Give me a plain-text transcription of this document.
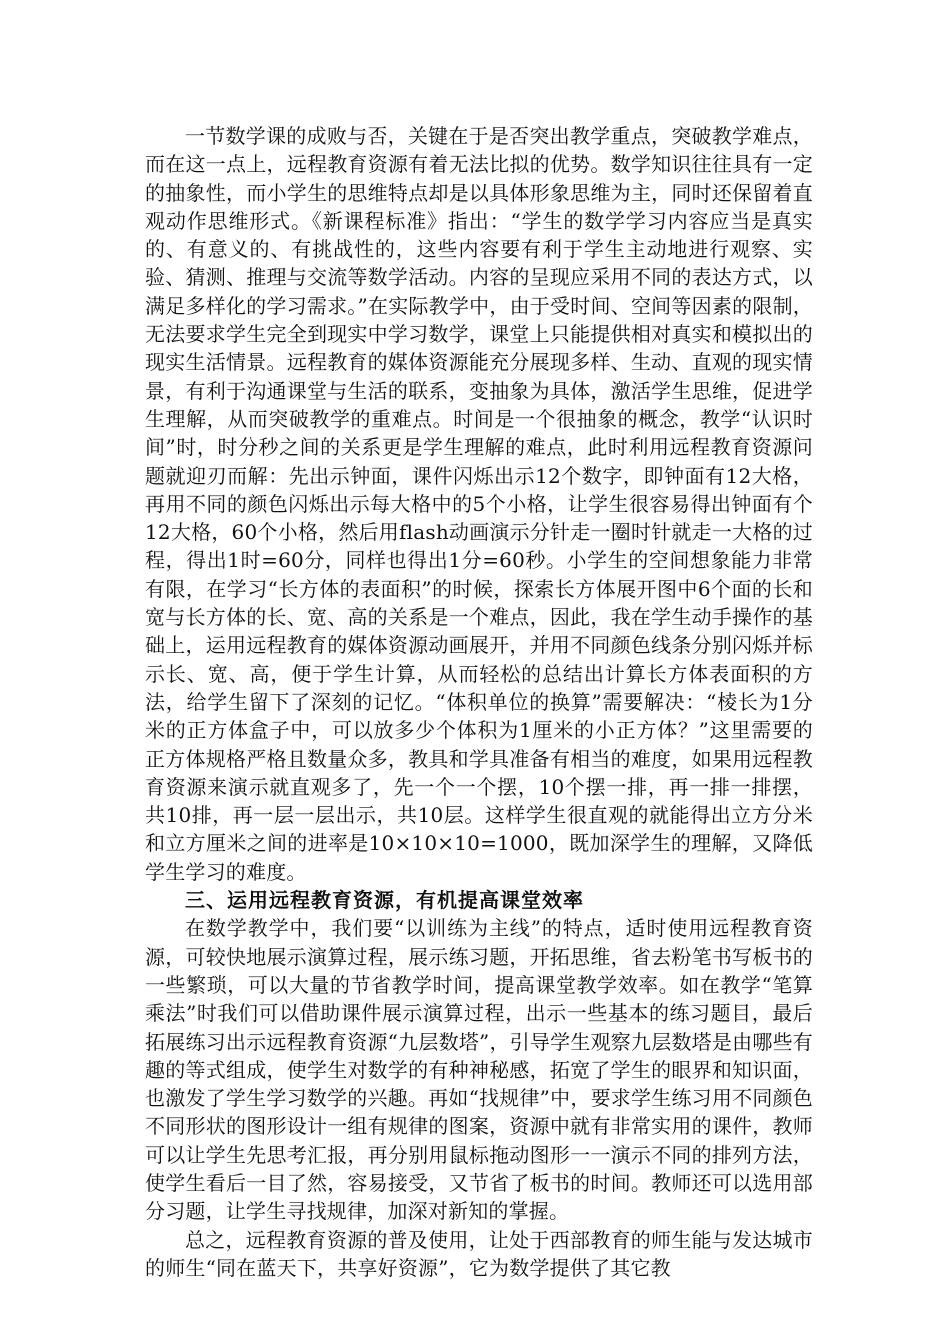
一节数学课的成败与否，关键在于是否突出教学重点，突破教学难点，而在这一点上，远程教育资源有着无法比拟的优势。数学知识往往具有一定的抽象性，而小学生的思维特点却是以具体形象思维为主，同时还保留着直观动作思维形式。《新课程标准》指出：“学生的数学学习内容应当是真实的、有意义的、有挑战性的，这些内容要有利于学生主动地进行观察、实验、猜测、推理与交流等数学活动。内容的呈现应采用不同的表达方式，以满足多样化的学习需求。”在实际教学中，由于受时间、空间等因素的限制，无法要求学生完全到现实中学习数学，课堂上只能提供相对真实和模拟出的现实生活情景。远程教育的媒体资源能充分展现多样、生动、直观的现实情景，有利于沟通课堂与生活的联系，变抽象为具体，激活学生思维，促进学生理解，从而突破教学的重难点。时间是一个很抽象的概念，教学“认识时间”时，时分秒之间的关系更是学生理解的难点，此时利用远程教育资源问题就迎刃而解：先出示钟面，课件闪烁出示12个数字，即钟面有12大格，再用不同的颜色闪烁出示每大格中的5个小格，让学生很容易得出钟面有个12大格，60个小格，然后用flash动画演示分针走一圈时针就走一大格的过程，得出1时=60分，同样也得出1分=60秒。小学生的空间想象能力非常有限，在学习“长方体的表面积”的时候，探索长方体展开图中6个面的长和宽与长方体的长、宽、高的关系是一个难点，因此，我在学生动手操作的基础上，运用远程教育的媒体资源动画展开，并用不同颜色线条分别闪烁并标示长、宽、高，便于学生计算，从而轻松的总结出计算长方体表面积的方法，给学生留下了深刻的记忆。“体积单位的换算”需要解决：“棱长为1分米的正方体盒子中，可以放多少个体积为1厘米的小正方体？”这里需要的正方体规格严格且数量众多，教具和学具准备有相当的难度，如果用远程教育资源来演示就直观多了，先一个一个摆，10个摆一排，再一排一排摆，共10排，再一层一层出示，共10层。这样学生很直观的就能得出立方分米和立方厘米之间的进率是10×10×10=1000，既加深学生的理解，又降低学生学习的难度。

三、运用远程教育资源，有机提高课堂效率

在数学教学中，我们要“以训练为主线”的特点，适时使用远程教育资源，可较快地展示演算过程，展示练习题，开拓思维，省去粉笔书写板书的一些繁琐，可以大量的节省教学时间，提高课堂教学效率。如在教学“笔算乘法”时我们可以借助课件展示演算过程，出示一些基本的练习题目，最后拓展练习出示远程教育资源“九层数塔”，引导学生观察九层数塔是由哪些有趣的等式组成，使学生对数学的有种神秘感，拓宽了学生的眼界和知识面，也激发了学生学习数学的兴趣。再如“找规律”中，要求学生练习用不同颜色不同形状的图形设计一组有规律的图案，资源中就有非常实用的课件，教师可以让学生先思考汇报，再分别用鼠标拖动图形一一演示不同的排列方法，使学生看后一目了然，容易接受，又节省了板书的时间。教师还可以选用部分习题，让学生寻找规律，加深对新知的掌握。

总之，远程教育资源的普及使用，让处于西部教育的师生能与发达城市的师生“同在蓝天下，共享好资源”，它为数学提供了其它教
